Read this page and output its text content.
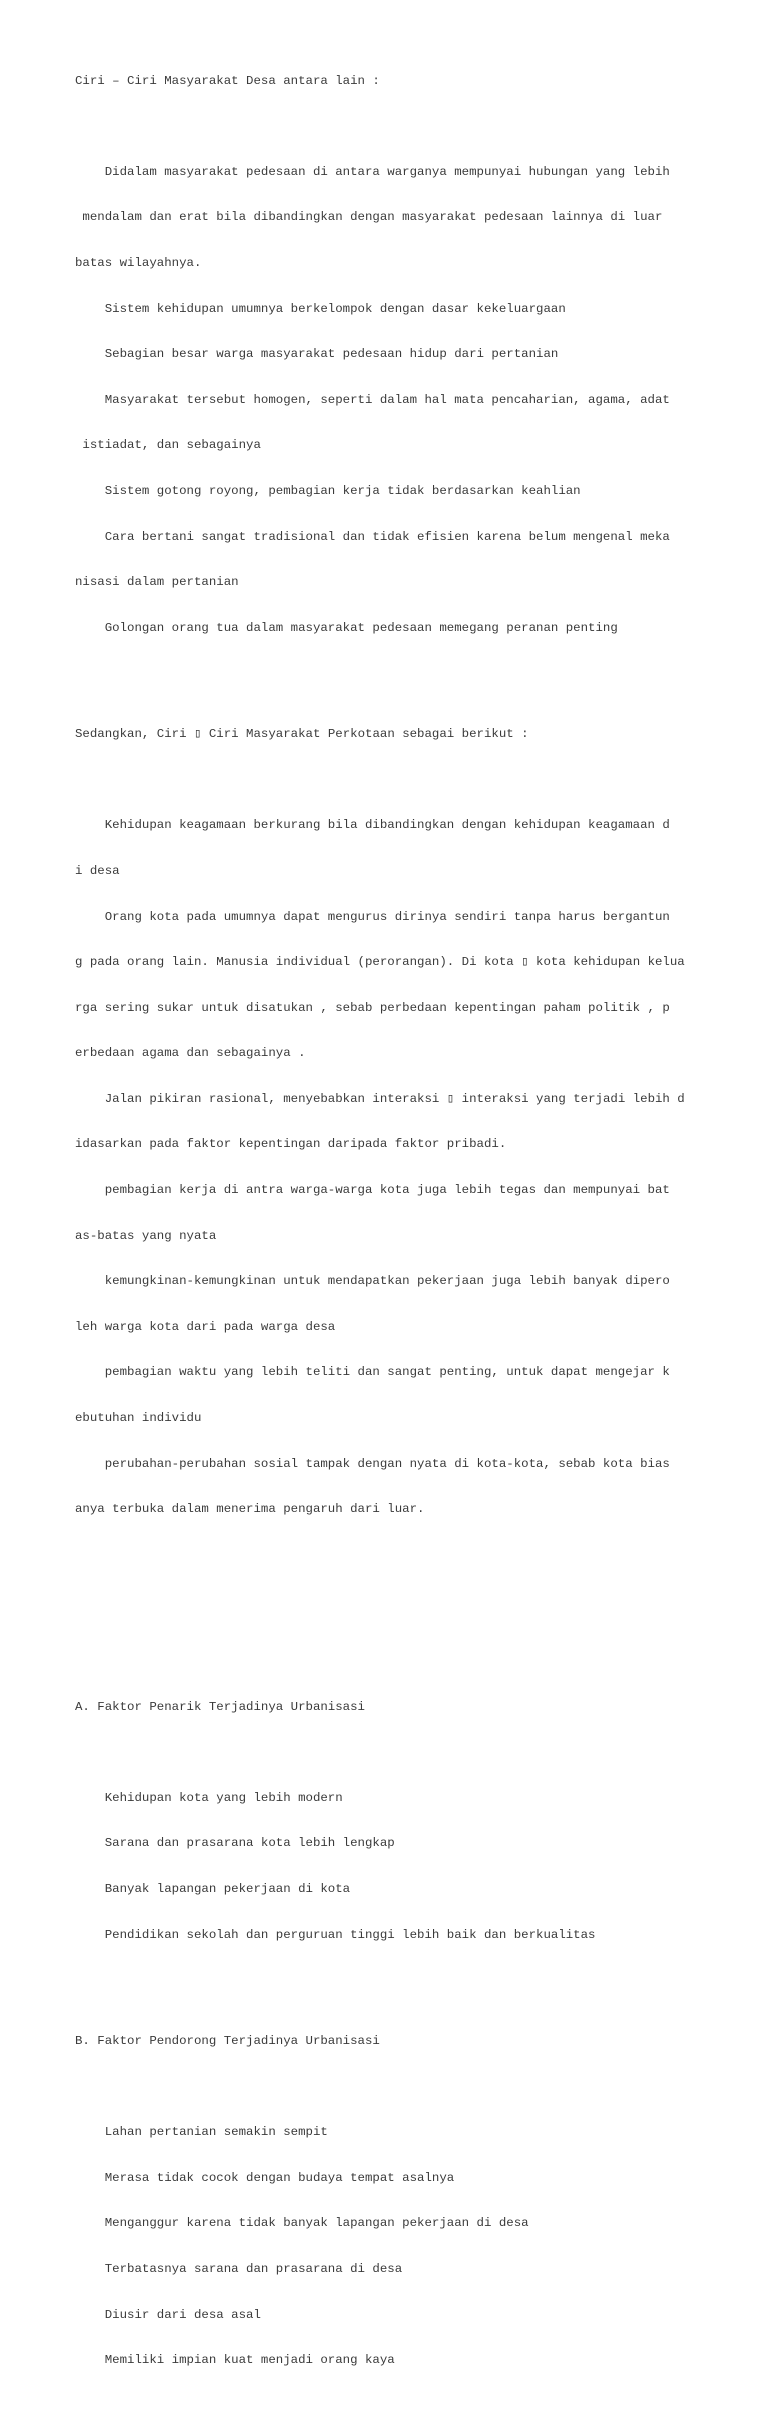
Ciri – Ciri Masyarakat Desa antara lain :

Didalam masyarakat pedesaan di antara warganya mempunyai hubungan yang lebih

mendalam dan erat bila dibandingkan dengan masyarakat pedesaan lainnya di luar

batas wilayahnya.

Sistem kehidupan umumnya berkelompok dengan dasar kekeluargaan

Sebagian besar warga masyarakat pedesaan hidup dari pertanian

Masyarakat tersebut homogen, seperti dalam hal mata pencaharian, agama, adat

istiadat, dan sebagainya

Sistem gotong royong, pembagian kerja tidak berdasarkan keahlian

Cara bertani sangat tradisional dan tidak efisien karena belum mengenal meka

nisasi dalam pertanian

Golongan orang tua dalam masyarakat pedesaan memegang peranan penting

Sedangkan, Ciri ▯ Ciri Masyarakat Perkotaan sebagai berikut :

Kehidupan keagamaan berkurang bila dibandingkan dengan kehidupan keagamaan d

i desa

Orang kota pada umumnya dapat mengurus dirinya sendiri tanpa harus bergantun

g pada orang lain. Manusia individual (perorangan). Di kota ▯ kota kehidupan kelua

rga sering sukar untuk disatukan , sebab perbedaan kepentingan paham politik , p

erbedaan agama dan sebagainya .

Jalan pikiran rasional, menyebabkan interaksi ▯ interaksi yang terjadi lebih d

idasarkan pada faktor kepentingan daripada faktor pribadi.

pembagian kerja di antra warga-warga kota juga lebih tegas dan mempunyai bat

as-batas yang nyata

kemungkinan-kemungkinan untuk mendapatkan pekerjaan juga lebih banyak dipero

leh warga kota dari pada warga desa

pembagian waktu yang lebih teliti dan sangat penting, untuk dapat mengejar k

ebutuhan individu

perubahan-perubahan sosial tampak dengan nyata di kota-kota, sebab kota bias

anya terbuka dalam menerima pengaruh dari luar.

A. Faktor Penarik Terjadinya Urbanisasi

Kehidupan kota yang lebih modern

Sarana dan prasarana kota lebih lengkap

Banyak lapangan pekerjaan di kota

Pendidikan sekolah dan perguruan tinggi lebih baik dan berkualitas

B. Faktor Pendorong Terjadinya Urbanisasi

Lahan pertanian semakin sempit

Merasa tidak cocok dengan budaya tempat asalnya

Menganggur karena tidak banyak lapangan pekerjaan di desa

Terbatasnya sarana dan prasarana di desa

Diusir dari desa asal

Memiliki impian kuat menjadi orang kaya
